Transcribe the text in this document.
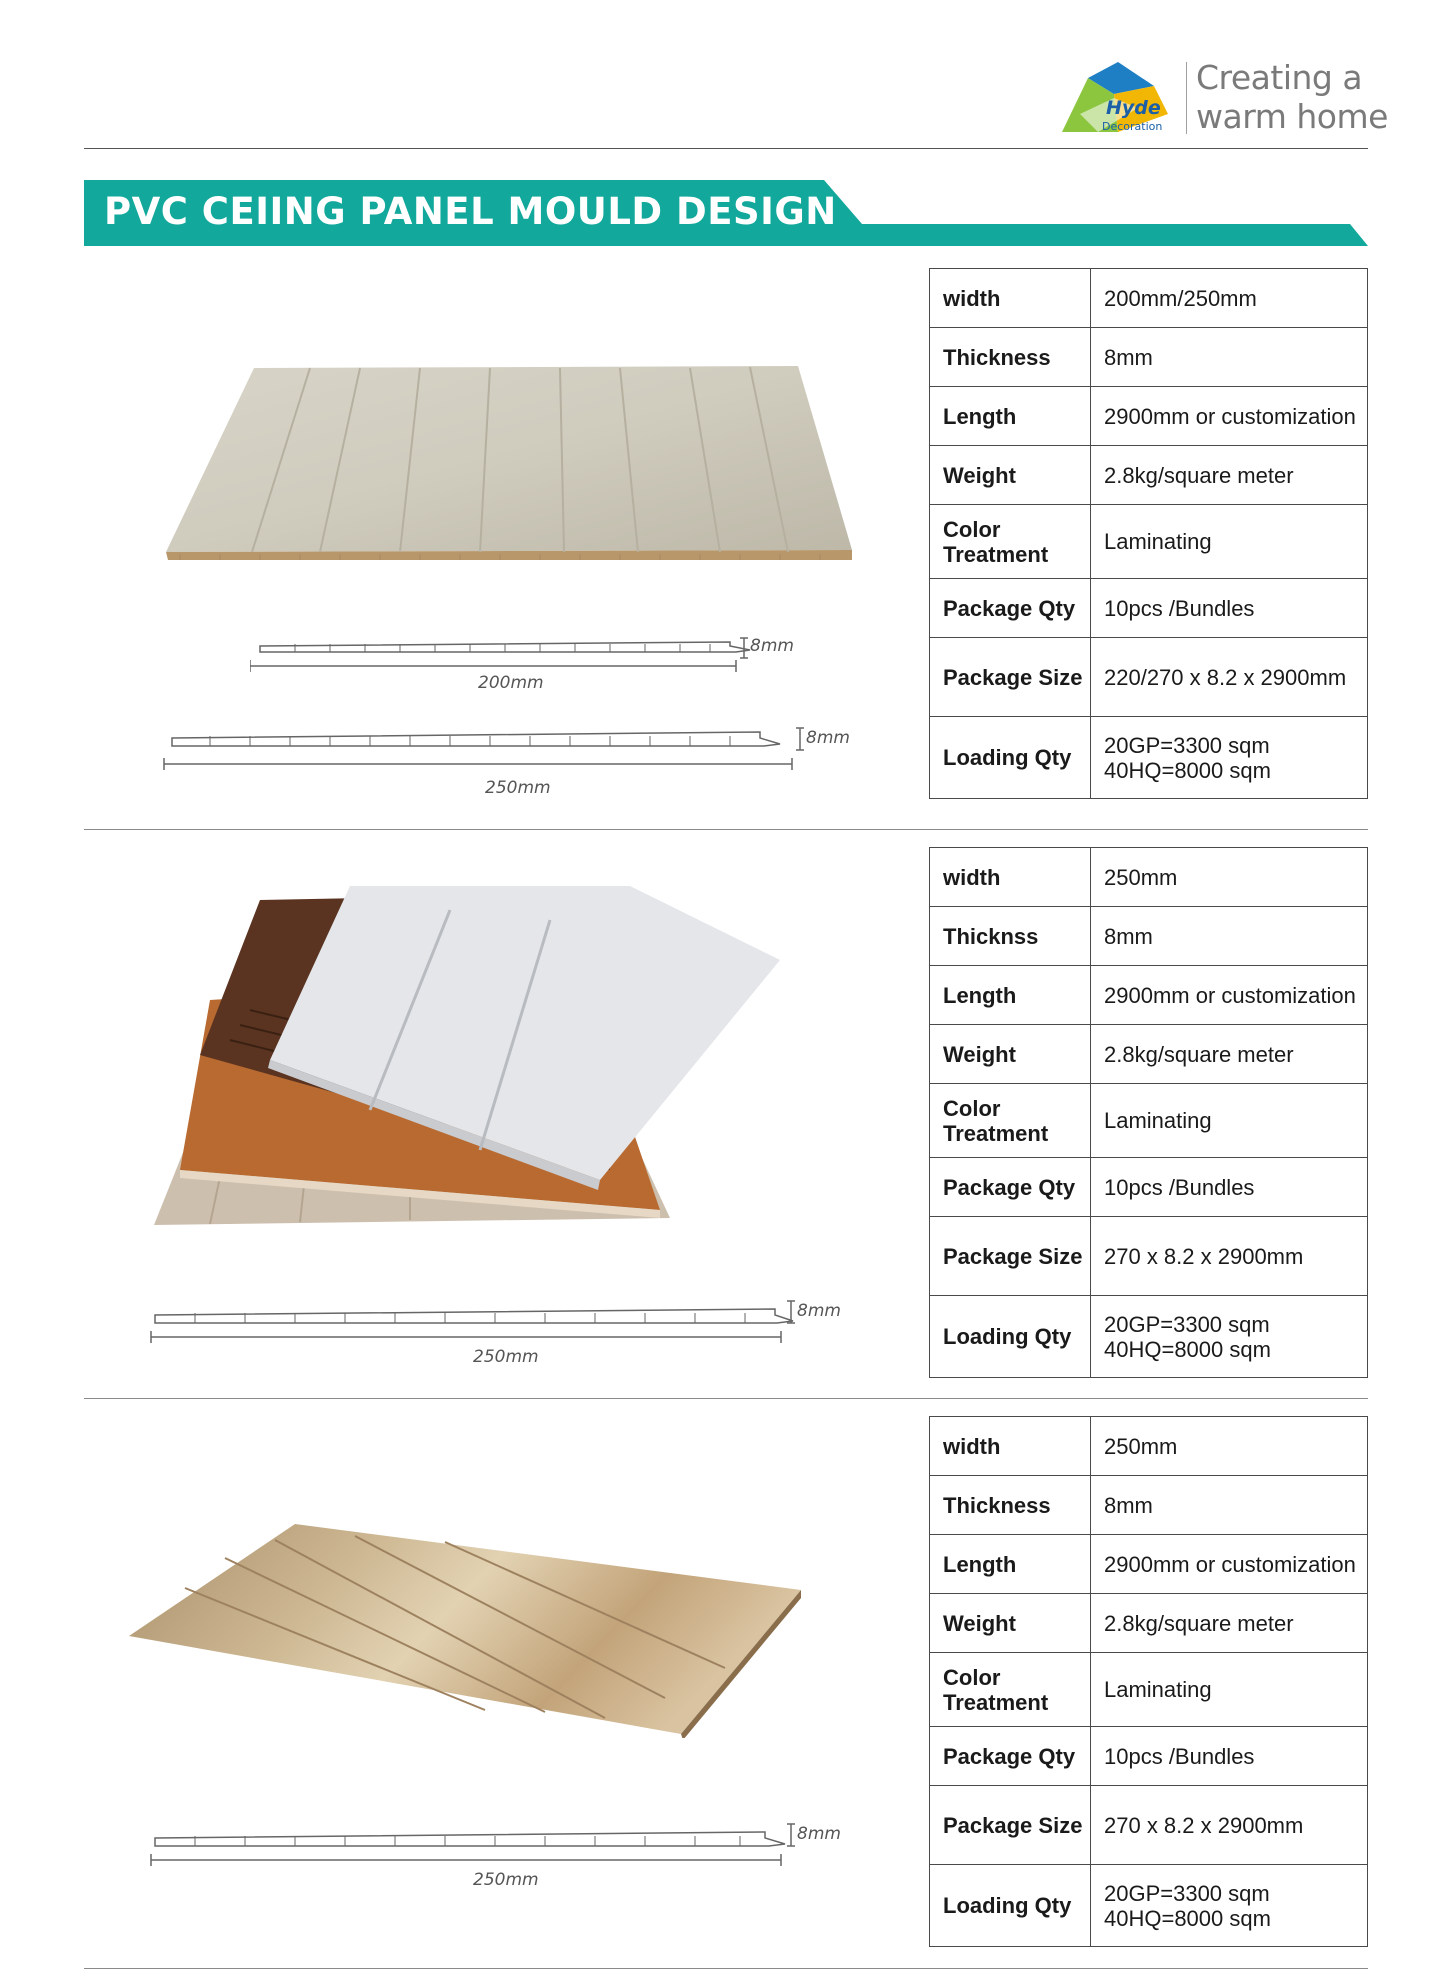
Hyde
Decoration
Creating a
warm home
PVC CEIING PANEL MOULD DESIGN
8mm
200mm
8mm
250mm
width	200mm/250mm
Thickness	8mm
Length	2900mm or customization
Weight	2.8kg/square meter
Color Treatment	Laminating
Package Qty	10pcs /Bundles
Package Size	220/270 x 8.2 x 2900mm
Loading Qty	20GP=3300 sqm
40HQ=8000 sqm
8mm
250mm
width	250mm
Thicknss	8mm
Length	2900mm or customization
Weight	2.8kg/square meter
Color Treatment	Laminating
Package Qty	10pcs /Bundles
Package Size	270 x 8.2 x 2900mm
Loading Qty	20GP=3300 sqm
40HQ=8000 sqm
8mm
250mm
width	250mm
Thickness	8mm
Length	2900mm or customization
Weight	2.8kg/square meter
Color Treatment	Laminating
Package Qty	10pcs /Bundles
Package Size	270 x 8.2 x 2900mm
Loading Qty	20GP=3300 sqm
40HQ=8000 sqm
